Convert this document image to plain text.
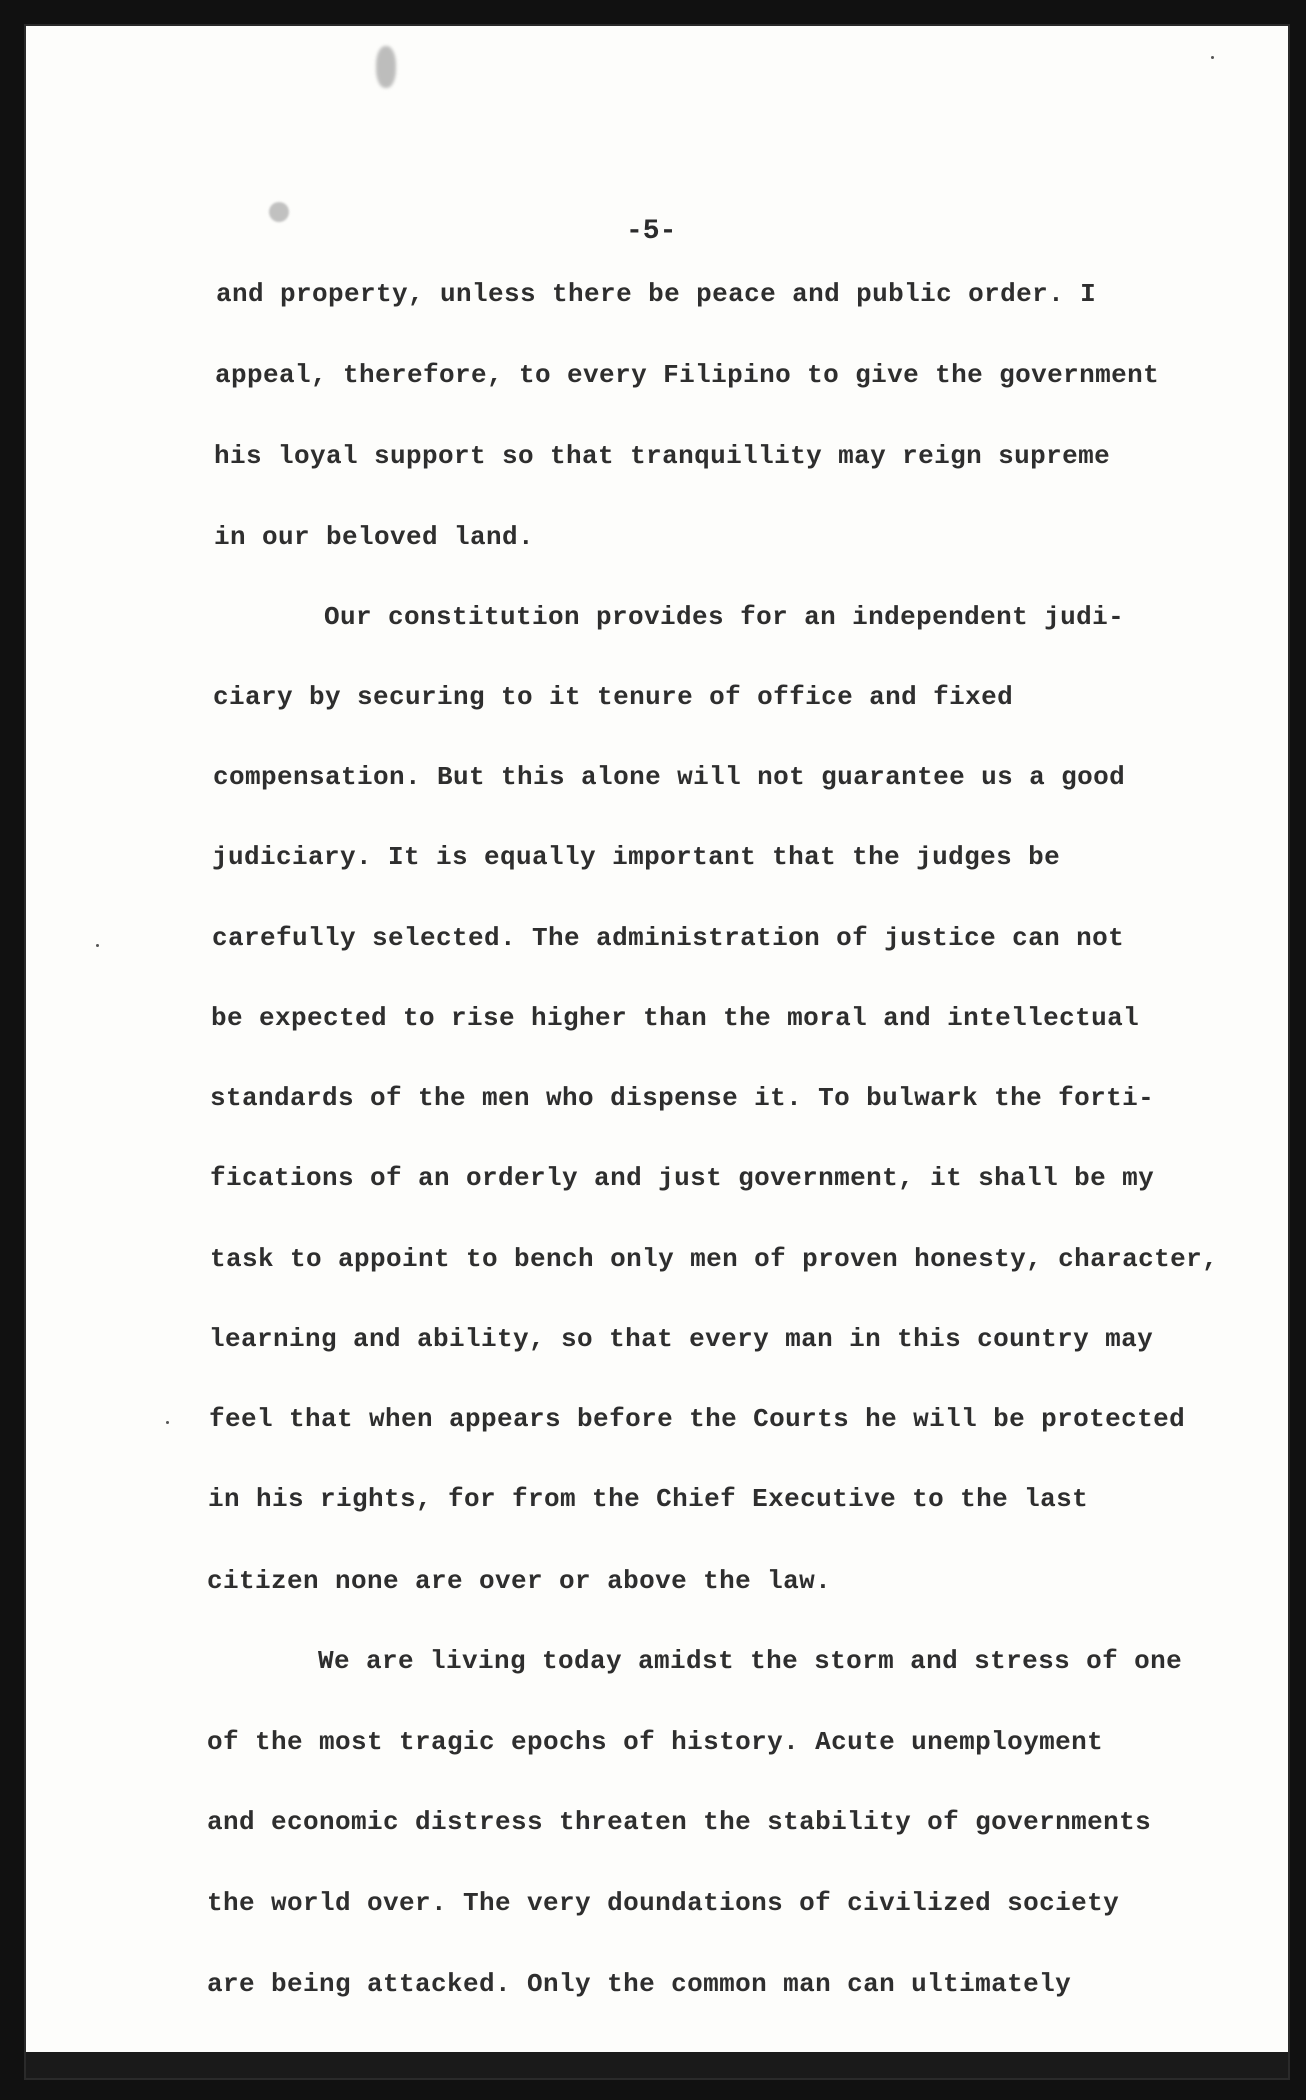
-5-

and property, unless there be peace and public order. I

appeal, therefore, to every Filipino to give the government

his loyal support so that tranquillity may reign supreme

in our beloved land.

Our constitution provides for an independent judi-

ciary by securing to it tenure of office and fixed

compensation. But this alone will not guarantee us a good

judiciary. It is equally important that the judges be

carefully selected. The administration of justice can not

be expected to rise higher than the moral and intellectual

standards of the men who dispense it. To bulwark the forti-

fications of an orderly and just government, it shall be my

task to appoint to bench only men of proven honesty, character,

learning and ability, so that every man in this country may

feel that when appears before the Courts he will be protected

in his rights, for from the Chief Executive to the last

citizen none are over or above the law.

We are living today amidst the storm and stress of one

of the most tragic epochs of history. Acute unemployment

and economic distress threaten the stability of governments

the world over. The very doundations of civilized society

are being attacked. Only the common man can ultimately
